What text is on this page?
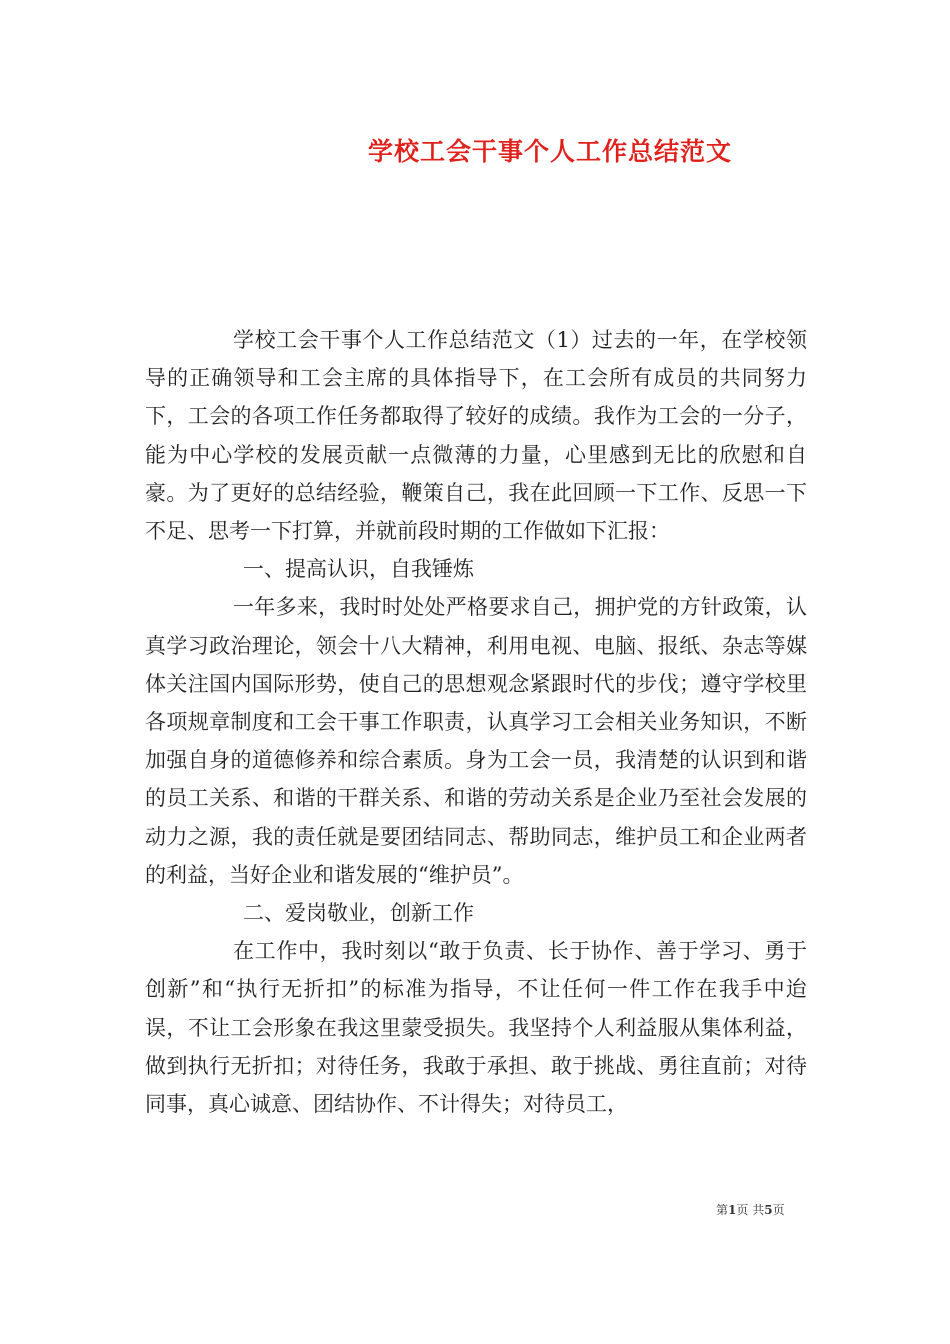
学校工会干事个人工作总结范文

学校工会干事个人工作总结范文（1）过去的一年，在学校领导的正确领导和工会主席的具体指导下，在工会所有成员的共同努力下，工会的各项工作任务都取得了较好的成绩。我作为工会的一分子，能为中心学校的发展贡献一点微薄的力量，心里感到无比的欣慰和自豪。为了更好的总结经验，鞭策自己，我在此回顾一下工作、反思一下不足、思考一下打算，并就前段时期的工作做如下汇报：

一、提高认识，自我锤炼

一年多来，我时时处处严格要求自己，拥护党的方针政策，认真学习政治理论，领会十八大精神，利用电视、电脑、报纸、杂志等媒体关注国内国际形势，使自己的思想观念紧跟时代的步伐；遵守学校里各项规章制度和工会干事工作职责，认真学习工会相关业务知识，不断加强自身的道德修养和综合素质。身为工会一员，我清楚的认识到和谐的员工关系、和谐的干群关系、和谐的劳动关系是企业乃至社会发展的动力之源，我的责任就是要团结同志、帮助同志，维护员工和企业两者的利益，当好企业和谐发展的“维护员”。

二、爱岗敬业，创新工作

在工作中，我时刻以“敢于负责、长于协作、善于学习、勇于创新”和“执行无折扣”的标准为指导，不让任何一件工作在我手中迨误，不让工会形象在我这里蒙受损失。我坚持个人利益服从集体利益，做到执行无折扣；对待任务，我敢于承担、敢于挑战、勇往直前；对待同事，真心诚意、团结协作、不计得失；对待员工，

第1页 共5页
